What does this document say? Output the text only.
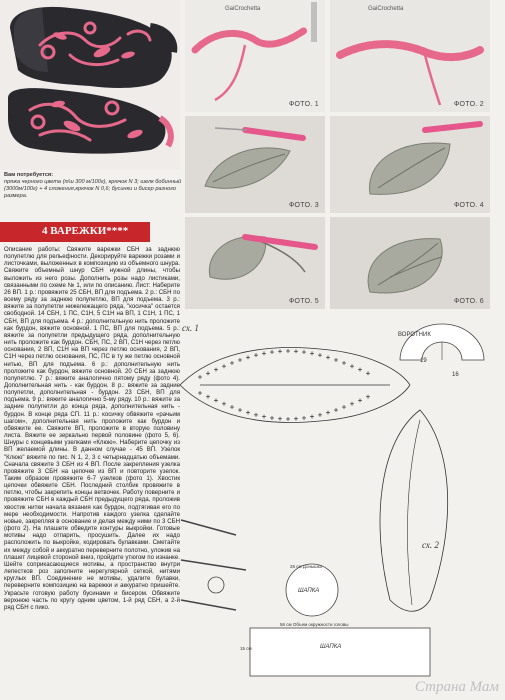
Вам потребуется:
пряжа черного цвета (п/ш 300 м/100г), крючок N 3; шелк бобинный (3000м/100г) + 4 сложения,крючок N 0,6; бусинки и бисер разного размера.
GaiCrochetta
ФОТО. 1
GaiCrochetta
ФОТО. 2
ФОТО. 3	ФОТО. 4
ФОТО. 5	ФОТО. 6
4 ВАРЕЖКИ****
Описание работы: Свяжите варежки СБН за заднюю полупетлю для рельефности. Декорируйте варежки розами и листочками, выложенных в композицию из объемного шнура. Свяжите объемный шнур СБН нужной длины, чтобы выложить из него розы. Дополнить розы надо листиками, связанными по схеме № 1, или по описанию. Лист: Наберите 26 ВП. 1 р.: провяжите 25 СБН, ВП для подъема. 2 р.: СБН по всему ряду за заднюю полупетлю, ВП для подъема. 3 р.: вяжите за полупетли нижележащего ряда, "косичка" остается свободной. 14 СБН, 1 ПС, С1Н, 5 С1Н на ВП, 1 С1Н, 1 ПС, 1 СБН, ВП для подъема. 4 р.: дополнительную нить проложите как бурдон, вяжите основной. 1 ПС, ВП для подъема. 5 р.: вяжите за полупетли предыдущего ряда, дополнительную нить проложите как бурдон. СБН, ПС, 2 ВП, С1Н через петлю основания, 2 ВП, С1Н на ВП через петлю основания, 2 ВП, С1Н через петлю основания, ПС, ПС в ту же петлю основной нитью, ВП для подъема. 6 р.: дополнительную нить проложите как бурдон, вяжите основной. 20 СБН за заднюю полупетлю. 7 р.: вяжите аналогично пятому ряду (фото 4). Дополнительная нить - как бурдон. 8 р.: вяжите за задние полупетли, дополнительная - бурдон. 23 СБН, ВП для подъема. 9 р.: вяжите аналогично 5-му ряду. 10 р.: вяжите за задние полупетли до конца ряда, дополнительная нить - бурдон. В конце ряда СП. 11 р.: косичку обвяжите «рачьим шагом», дополнительная нить проложите как бурдон и обвяжите ее. Свяжите ВП, проложите в вторую половину листа. Вяжите ее зеркально первой половине (фото 5, 6). Шнуры с концевыми узелками «Клюю». Наберите цепочку из ВП желаемой длины. В данном случае - 45 ВП. Узелок "Клюю" вяжите по пис. N 1, 2, 3 с четырнадцатью объемами. Сначала свяжите 3 СБН из 4 ВП. После закрепления узелка провяжите 3 СБН на цепочке из ВП и повторите узелок. Таким образом провяжите 6-7 узелков (фото 1). Хвостик цепочки обвяжите СБН. Последний столбик провяжите в петлю, чтобы закрепить концы ветвочек. Работу поверните и провяжите СБН в каждый СБН предыдущего ряда, проложив хвостик нитки начала вязания как бурдон, подтягивая его по мере необходимости. Напротив каждого узелка сделайте новые, закрепляя в основание и делая между ними по 3 СБН (фото 2). На плашете обведите контуры выкройки. Готовые мотивы надо отпарить, просушить. Далее их надо расположить по выкройке, кодировать булавками. Сметайте их между собой и аккуратно переверните полотно, уложив на плашет лицевой стороной вниз, пройдите утюгом по изнанке. Шейте соприкасающиеся мотивы, а пространство внутри лепестков роз заполните нерегулярной сеткой, нитями круглых ВП. Соединение не мотивы, удалите булавки, переверните композицию на варежки и аккуратно пришейте. Украсьте готовую работу бусинами и бисером. Обвяжите верхнюю часть по кругу одним цветом, 1-й ряд СБН, а 2-й ряд СБН с пико.
сх. 1
ВОРОТНИК
19
16
сх. 2
25 см Донышко
ШАПКА
56 см Объем окружности головы
ШАПКА
15 см
Страна Мам
